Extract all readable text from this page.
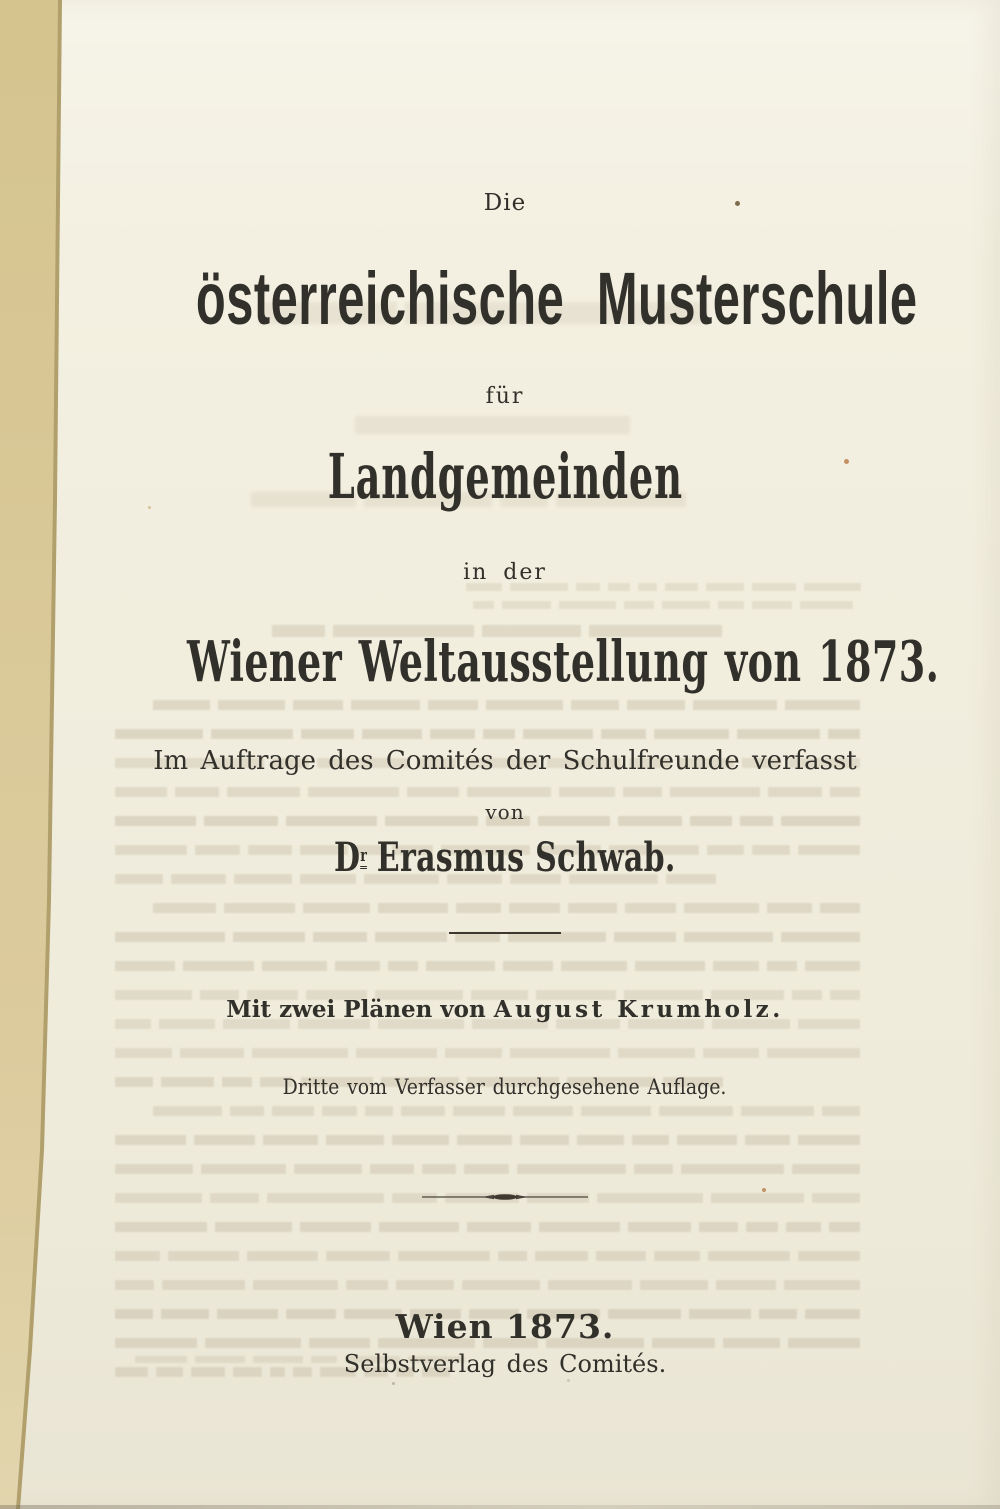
Die
österreichische Musterschule
für
Landgemeinden
in der
Wiener Weltausstellung von 1873.
Im Auftrage des Comités der Schulfreunde verfasst
von
$D^r$ Erasmus Schwab.
Mit zwei Plänen von August Krumholz.
Dritte vom Verfasser durchgesehene Auflage.
Wien 1873.
Selbstverlag des Comités.
